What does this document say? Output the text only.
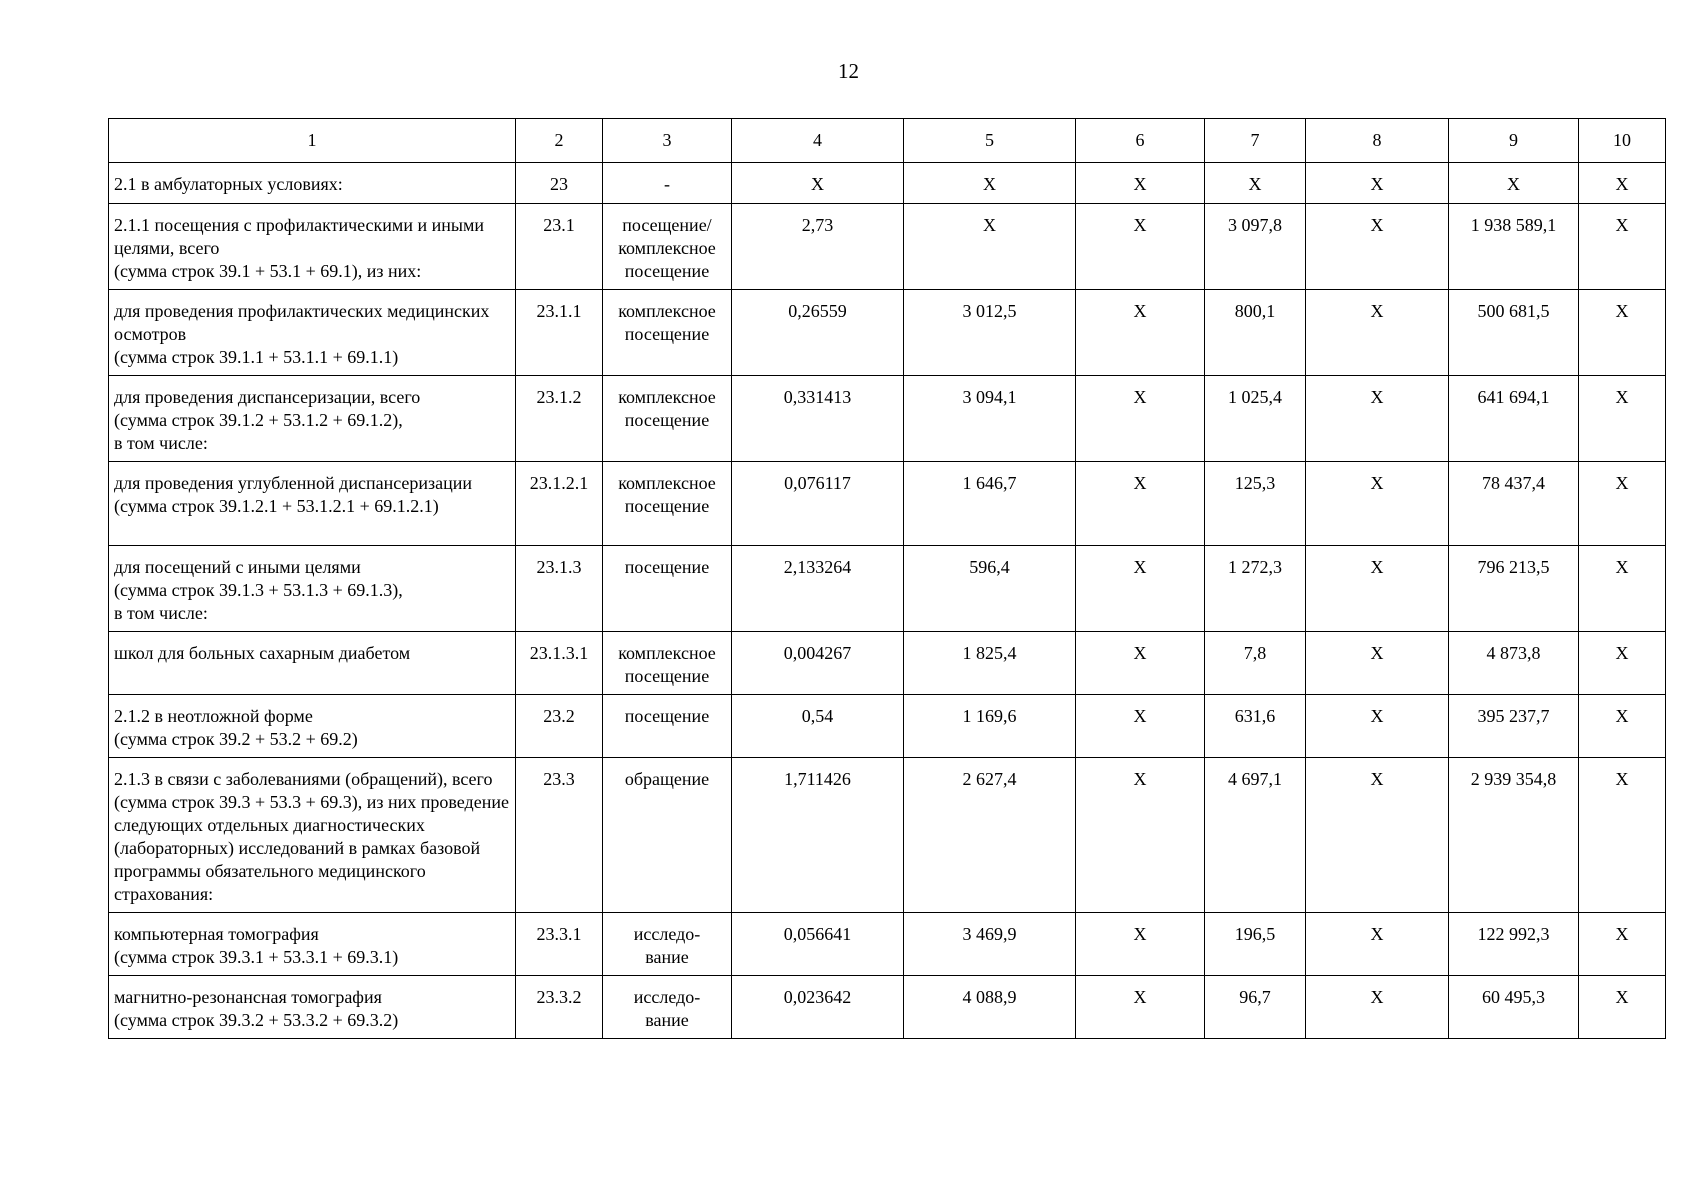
12
1	2	3	4	5	6	7	8	9	10
2.1 в амбулаторных условиях:	23	-	Х	Х	Х	Х	Х	Х	Х
2.1.1 посещения с профилактическими и иными целями, всего
(сумма строк 39.1 + 53.1 + 69.1), из них:	23.1	посещение/ комплексное посещение	2,73	Х	Х	3 097,8	Х	1 938 589,1	Х
для проведения профилактических медицинских осмотров
(сумма строк 39.1.1 + 53.1.1 + 69.1.1)	23.1.1	комплексное посещение	0,26559	3 012,5	Х	800,1	Х	500 681,5	Х
для проведения диспансеризации, всего
(сумма строк 39.1.2 + 53.1.2 + 69.1.2),
в том числе:	23.1.2	комплексное посещение	0,331413	3 094,1	Х	1 025,4	Х	641 694,1	Х
для проведения углубленной диспансеризации
(сумма строк 39.1.2.1 + 53.1.2.1 + 69.1.2.1)	23.1.2.1	комплексное посещение	0,076117	1 646,7	Х	125,3	Х	78 437,4	Х
для посещений с иными целями
(сумма строк 39.1.3 + 53.1.3 + 69.1.3),
в том числе:	23.1.3	посещение	2,133264	596,4	Х	1 272,3	Х	796 213,5	Х
школ для больных сахарным диабетом	23.1.3.1	комплексное посещение	0,004267	1 825,4	Х	7,8	Х	4 873,8	Х
2.1.2 в неотложной форме
(сумма строк 39.2 + 53.2 + 69.2)	23.2	посещение	0,54	1 169,6	Х	631,6	Х	395 237,7	Х
2.1.3 в связи с заболеваниями (обращений), всего (сумма строк 39.3 + 53.3 + 69.3), из них проведение следующих отдельных диагностических (лабораторных) исследований в рамках базовой программы обязательного медицинского страхования:	23.3	обращение	1,711426	2 627,4	Х	4 697,1	Х	2 939 354,8	Х
компьютерная томография
(сумма строк 39.3.1 + 53.3.1 + 69.3.1)	23.3.1	исследо-
вание	0,056641	3 469,9	Х	196,5	Х	122 992,3	Х
магнитно-резонансная томография
(сумма строк 39.3.2 + 53.3.2 + 69.3.2)	23.3.2	исследо-
вание	0,023642	4 088,9	Х	96,7	Х	60 495,3	Х
